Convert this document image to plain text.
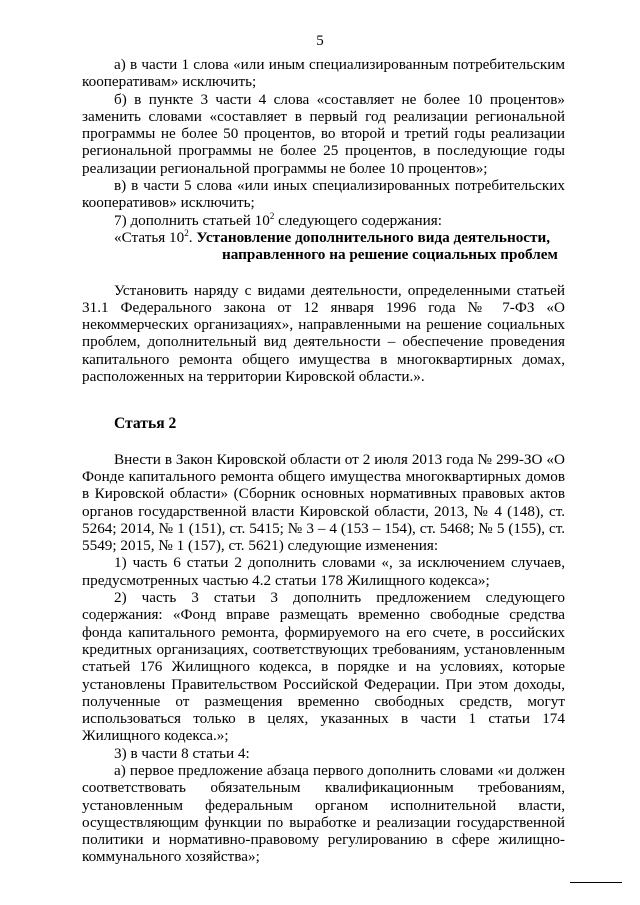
5

а) в части 1 слова «или иным специализированным потребительским кооперативам» исключить;

б) в пункте 3 части 4 слова «составляет не более 10 процентов» заменить словами «составляет в первый год реализации региональной программы не более 50 процентов, во второй и третий годы реализации региональной программы не более 25 процентов, в последующие годы реализации региональной программы не более 10 процентов»;

в) в части 5 слова «или иных специализированных потребительских кооперативов» исключить;

7) дополнить статьей $10^2$ следующего содержания:

«Статья $10^2$. Установление дополнительного вида деятельности,

направленного на решение социальных проблем

Установить наряду с видами деятельности, определенными статьей 31.1 Федерального закона от 12 января 1996 года № 7-ФЗ «О некоммерческих организациях», направленными на решение социальных проблем, дополнительный вид деятельности – обеспечение проведения капитального ремонта общего имущества в многоквартирных домах, расположенных на территории Кировской области.».

Статья 2

Внести в Закон Кировской области от 2 июля 2013 года № 299-ЗО «О Фонде капитального ремонта общего имущества многоквартирных домов в Кировской области» (Сборник основных нормативных правовых актов органов государственной власти Кировской области, 2013, № 4 (148), ст. 5264; 2014, № 1 (151), ст. 5415; № 3 – 4 (153 – 154), ст. 5468; № 5 (155), ст. 5549; 2015, № 1 (157), ст. 5621) следующие изменения:

1) часть 6 статьи 2 дополнить словами «, за исключением случаев, предусмотренных частью 4.2 статьи 178 Жилищного кодекса»;

2) часть 3 статьи 3 дополнить предложением следующего содержания: «Фонд вправе размещать временно свободные средства фонда капитального ремонта, формируемого на его счете, в российских кредитных организациях, соответствующих требованиям, установленным статьей 176 Жилищного кодекса, в порядке и на условиях, которые установлены Правительством Российской Федерации. При этом доходы, полученные от размещения временно свободных средств, могут использоваться только в целях, указанных в части 1 статьи 174 Жилищного кодекса.»;

3) в части 8 статьи 4:

а) первое предложение абзаца первого дополнить словами «и должен соответствовать обязательным квалификационным требованиям, установленным федеральным органом исполнительной власти, осуществляющим функции по выработке и реализации государственной политики и нормативно-правовому регулированию в сфере жилищно-коммунального хозяйства»;
